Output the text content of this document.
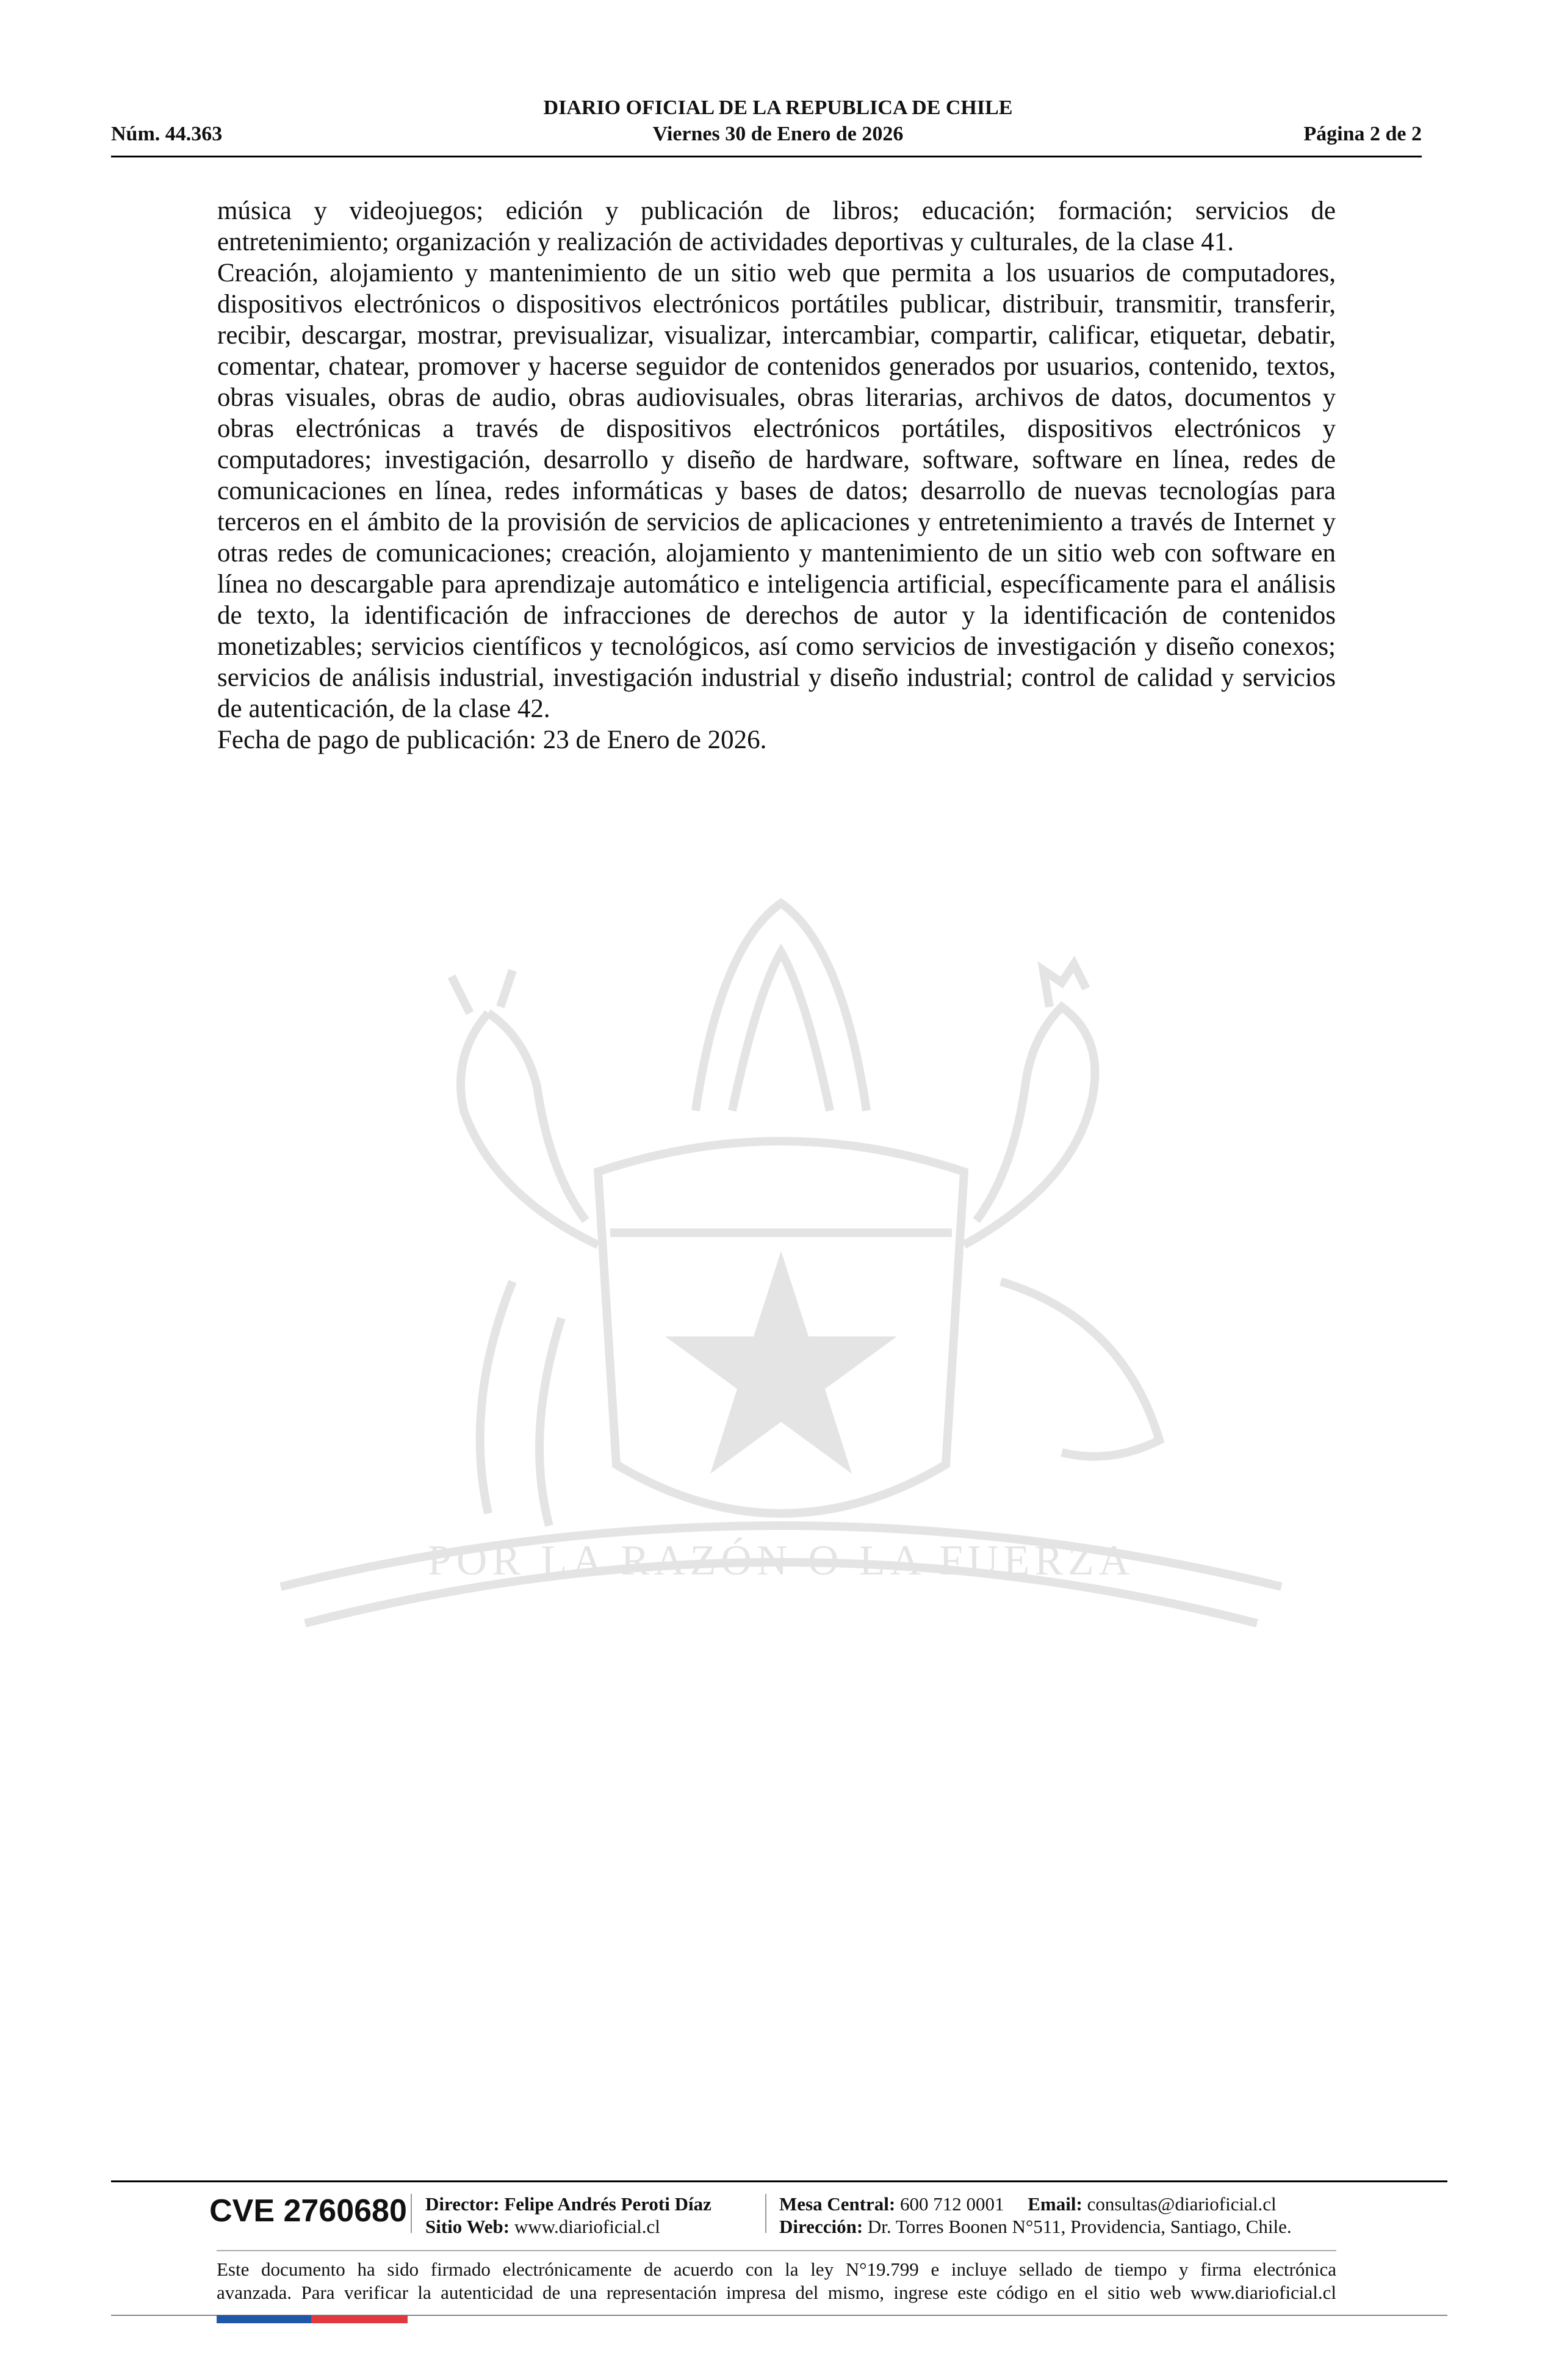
DIARIO OFICIAL DE LA REPUBLICA DE CHILE
Núm. 44.363	Viernes 30 de Enero de 2026	Página 2 de 2
POR LA RAZÓN O LA FUERZA

música y videojuegos; edición y publicación de libros; educación; formación; servicios de entretenimiento; organización y realización de actividades deportivas y culturales, de la clase 41.

Creación, alojamiento y mantenimiento de un sitio web que permita a los usuarios de computadores, dispositivos electrónicos o dispositivos electrónicos portátiles publicar, distribuir, transmitir, transferir, recibir, descargar, mostrar, previsualizar, visualizar, intercambiar, compartir, calificar, etiquetar, debatir, comentar, chatear, promover y hacerse seguidor de contenidos generados por usuarios, contenido, textos, obras visuales, obras de audio, obras audiovisuales, obras literarias, archivos de datos, documentos y obras electrónicas a través de dispositivos electrónicos portátiles, dispositivos electrónicos y computadores; investigación, desarrollo y diseño de hardware, software, software en línea, redes de comunicaciones en línea, redes informáticas y bases de datos; desarrollo de nuevas tecnologías para terceros en el ámbito de la provisión de servicios de aplicaciones y entretenimiento a través de Internet y otras redes de comunicaciones; creación, alojamiento y mantenimiento de un sitio web con software en línea no descargable para aprendizaje automático e inteligencia artificial, específicamente para el análisis de texto, la identificación de infracciones de derechos de autor y la identificación de contenidos monetizables; servicios científicos y tecnológicos, así como servicios de investigación y diseño conexos; servicios de análisis industrial, investigación industrial y diseño industrial; control de calidad y servicios de autenticación, de la clase 42.

Fecha de pago de publicación: 23 de Enero de 2026.

CVE 2760680 Director: Felipe Andrés Peroti Díaz
Sitio Web: www.diarioficial.cl
Mesa Central: 600 712 0001 Email: consultas@diarioficial.cl
Dirección: Dr. Torres Boonen N°511, Providencia, Santiago, Chile.

Este documento ha sido firmado electrónicamente de acuerdo con la ley N°19.799 e incluye sellado de tiempo y firma electrónica

avanzada. Para verificar la autenticidad de una representación impresa del mismo, ingrese este código en el sitio web www.diarioficial.cl
